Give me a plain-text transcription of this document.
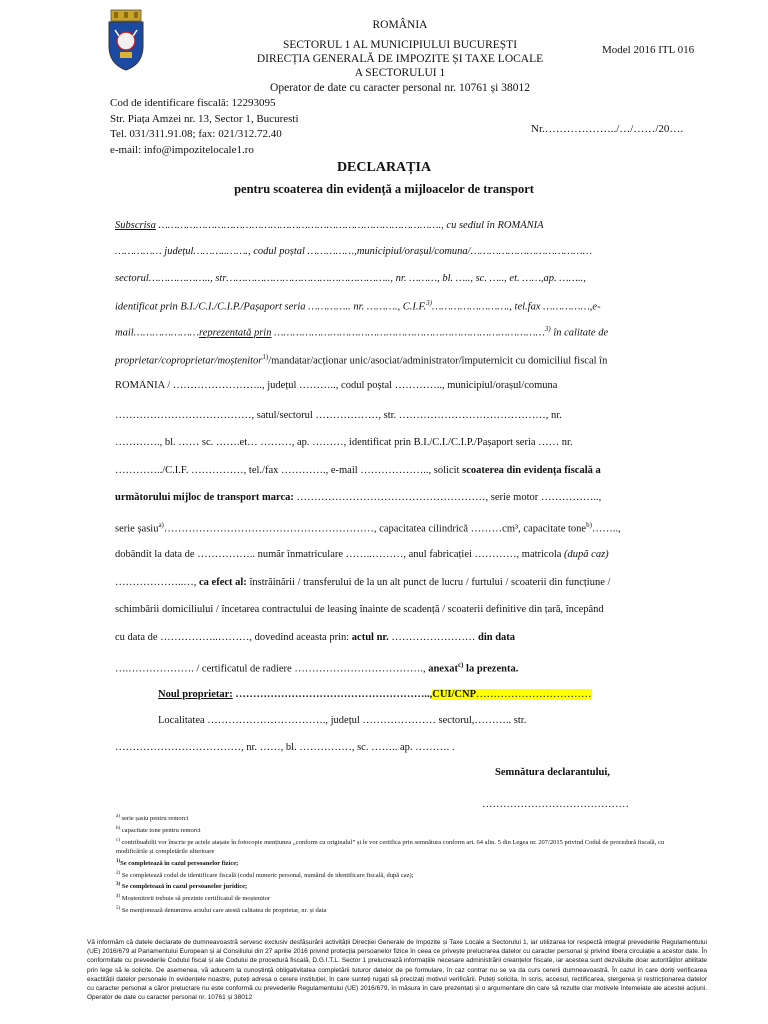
ROMÂNIA
SECTORUL 1 AL MUNICIPIULUI BUCUREȘTI
DIRECȚIA GENERALĂ DE IMPOZITE ȘI TAXE LOCALE
A SECTORULUI 1
Operator de date cu caracter personal nr. 10761 și 38012
Model 2016 ITL 016
Cod de identificare fiscală: 12293095
Str. Piața Amzei nr. 13, Sector 1, Bucuresti
Tel. 031/311.91.08; fax: 021/312.72.40
e-mail: info@impozitelocale1.ro
Nr.………………../…/……/20….
DECLARAȚIA
pentru scoaterea din evidență a mijloacelor de transport
Subscrisa ………………………………………………………………………………., cu sediul în ROMÂNIA
…………… județul………..……., codul poștal ……………,municipiul/orașul/comuna/…………………………………
sectorul……………….., str…………………………………………….., nr. ………, bl. ….., sc. ….., et. ……,ap. ……..,
identificat prin B.I./C.I./C.I.P./Pașaport seria ………….. nr. ………., C.I.F.$^{3)}$……………………., tel.fax ……………,e-
mail…………………reprezentată prin ……………………………………………………………………………$^{3)}$ în calitate de
proprietar/coproprietar/moștenitor$^{1)}$/mandatar/acționar unic/asociat/administrator/împuternicit cu domiciliul fiscal în
ROMÂNIA / …………………….., județul ……….., codul poștal ………….., municipiul/orașul/comuna
…………………………………, satul/sectorul ………………, str. ……………………………………, nr.
…………., bl. …… sc. …….et… ………, ap. ………, identificat prin B.I./C.I./C.I.P./Pașaport seria …… nr.
…………../C.I.F. ……………, tel./fax …………., e-mail ……………….., solicit scoaterea din evidența fiscală a
următorului mijloc de transport marca: ………………………………………………, serie motor ……………..,
serie șasiu$^{a)}$……………………………………………………, capacitatea cilindrică ………cm³, capacitate tone$^{b)}$……..,
dobândit la data de …………….. număr înmatriculare ……..………, anul fabricației …………, matricola (după caz)
………………..…, ca efect al: înstrăinării / transferului de la un alt punct de lucru / furtului / scoaterii din funcțiune /
schimbării domiciliului / încetarea contractului de leasing înainte de scadență / scoaterii definitive din țară, începând
cu data de ……………..………, dovedind aceasta prin: actul nr. …………………… din data
….………………. / certificatul de radiere ………………………………., anexat$^{c)}$ la prezenta.
Noul proprietar: ………………………………………………..,CUI/CNP……………………………
Localitatea ……………………………., județul ………………… sectorul,……….. str.
………………………………, nr. ……, bl. ……………, sc. …….. ap. ………. .
Semnătura declarantului,
……………………………………
$^{a)}$ serie șasiu pentru remorci
$^{b)}$ capacitate tone pentru remorci
$^{c)}$ contribuabilii vor înscrie pe actele atașate în fotocopie mențiunea „conform cu originalul” și le vor certifica prin semnătura conform art. 64 alin. 5 din Legea nr. 207/2015 privind Codul de procedură fiscală, cu modificările și completările ulterioare
$^{1)}$Se completează în cazul persoanelor fizice;
$^{2)}$ Se completează codul de identificare fiscală (codul numeric personal, numărul de identificare fiscală, după caz);
$^{3)}$ Se completează în cazul persoanelor juridice;
$^{4)}$ Moștenitorii trebuie să prezinte certificatul de moștenitor
$^{5)}$ Se menționează denumirea actului care atestă calitatea de proprietar, nr. și data
Vă informăm că datele declarate de dumneavoastră servesc exclusiv desfășurării activității Direcției Generale de Impozite și Taxe Locale a Sectorului 1, iar utilizarea lor respectă integral prevederile Regulamentului (UE) 2016/679 al Parlamentului European și al Consiliului din 27 aprilie 2016 privind protecția persoanelor fizice în ceea ce privește prelucrarea datelor cu caracter personal și privind libera circulație a acestor date. În conformitate cu prevederile Codului fiscal și ale Codului de procedură fiscală, D.G.I.T.L. Sector 1 prelucrează informațiile necesare administrării creanțelor fiscale, iar acestea sunt dezvăluite doar autorităților abilitate prin lege să le solicite. De asemenea, vă aducem la cunoștință obligativitatea completării tuturor datelor de pe formulare, în caz contrar nu se va da curs cererii dumneavoastră. În cazul în care doriți verificarea exactității datelor personale în evidențele noastre, puteți adresa o cerere instituției, în care sunteți rugați să precizați motivul verificării. Puteți solicita, în scris, accesul, rectificarea, ștergerea și restricționarea datelor cu caracter personal a căror prelucrare nu este conformă cu prevederile Regulamentului (UE) 2016/679, în măsura în care prezentați și o argumentare din care să rezulte clar motivele întemeiate ale acestei acțiuni. Operator de date cu caracter personal nr. 10761 și 38012
